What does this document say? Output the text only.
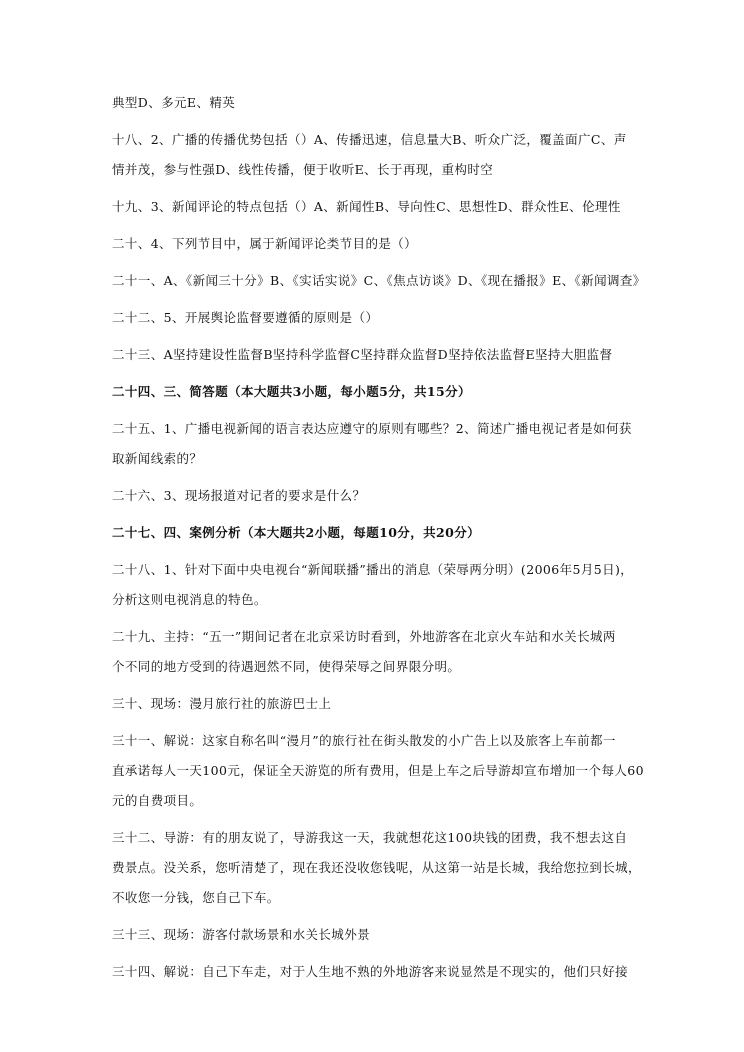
典型D、多元E、精英
十八、2、广播的传播优势包括（）A、传播迅速，信息量大B、听众广泛，覆盖面广C、声
情并茂，参与性强D、线性传播，便于收听E、长于再现，重构时空
十九、3、新闻评论的特点包括（）A、新闻性B、导向性C、思想性D、群众性E、伦理性
二十、4、下列节目中，属于新闻评论类节目的是（）
二十一、A、《新闻三十分》B、《实话实说》C、《焦点访谈》D、《现在播报》E、《新闻调查》
二十二、5、开展舆论监督要遵循的原则是（）
二十三、A坚持建设性监督B坚持科学监督C坚持群众监督D坚持依法监督E坚持大胆监督
二十四、三、简答题（本大题共3小题，每小题5分，共15分）
二十五、1、广播电视新闻的语言表达应遵守的原则有哪些？2、简述广播电视记者是如何获
取新闻线索的？
二十六、3、现场报道对记者的要求是什么？
二十七、四、案例分析（本大题共2小题，每题10分，共20分）
二十八、1、针对下面中央电视台“新闻联播”播出的消息（荣辱两分明）(2006年5月5日)，
分析这则电视消息的特色。
二十九、主持：“五一”期间记者在北京采访时看到，外地游客在北京火车站和水关长城两
个不同的地方受到的待遇迥然不同，使得荣辱之间界限分明。
三十、现场：漫月旅行社的旅游巴士上
三十一、解说：这家自称名叫“漫月”的旅行社在街头散发的小广告上以及旅客上车前都一
直承诺每人一天100元，保证全天游览的所有费用，但是上车之后导游却宣布增加一个每人60
元的自费项目。
三十二、导游：有的朋友说了，导游我这一天，我就想花这100块钱的团费，我不想去这自
费景点。没关系，您听清楚了，现在我还没收您钱呢，从这第一站是长城，我给您拉到长城，
不收您一分钱，您自己下车。
三十三、现场：游客付款场景和水关长城外景
三十四、解说：自己下车走，对于人生地不熟的外地游客来说显然是不现实的，他们只好接
